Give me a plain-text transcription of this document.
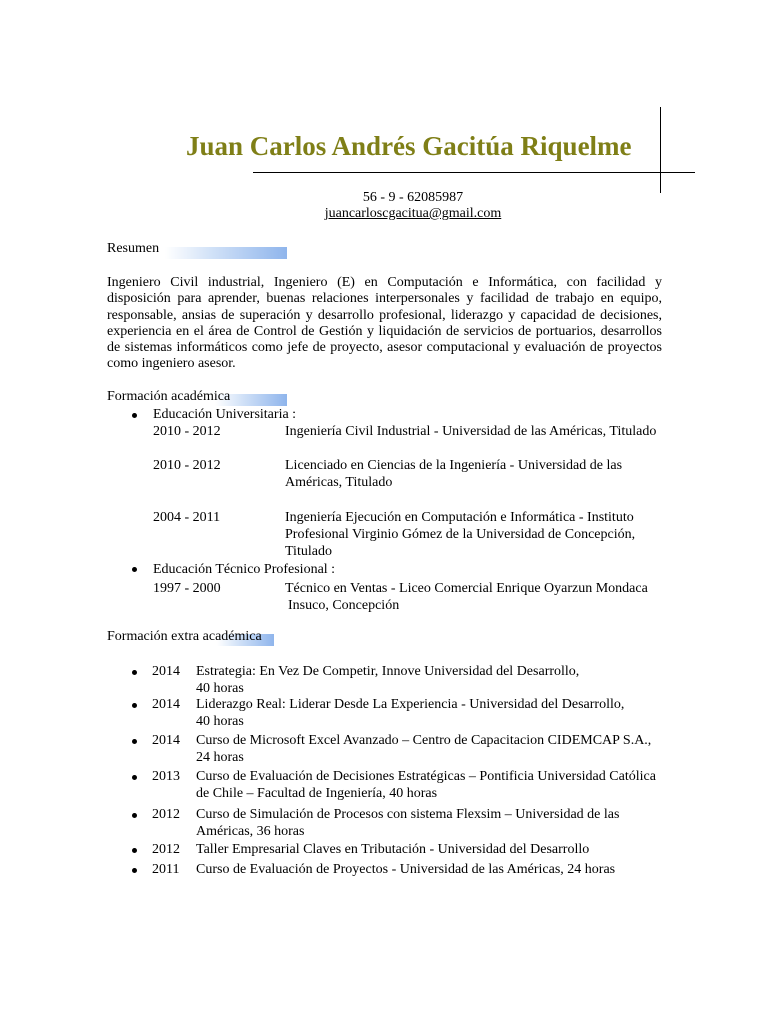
Juan Carlos Andrés Gacitúa Riquelme
56 - 9 - 62085987
juancarloscgacitua@gmail.com
Resumen
Ingeniero Civil industrial, Ingeniero (E) en Computación e Informática, con facilidad y disposición para aprender, buenas relaciones interpersonales y facilidad de trabajo en equipo, responsable, ansias de superación y desarrollo profesional, liderazgo y capacidad de decisiones, experiencia en el área de Control de Gestión y liquidación de servicios de portuarios, desarrollos de sistemas informáticos como jefe de proyecto, asesor computacional y evaluación de proyectos como ingeniero asesor.
Formación académica
Educación Universitaria :
2010 - 2012	Ingeniería Civil Industrial - Universidad de las Américas, Titulado
2010 - 2012	Licenciado en Ciencias de la Ingeniería - Universidad de las
Américas, Titulado
2004 - 2011	Ingeniería Ejecución en Computación e Informática - Instituto
Profesional Virginio Gómez de la Universidad de Concepción,
Titulado
Educación Técnico Profesional :
1997 - 2000	Técnico en Ventas - Liceo Comercial Enrique Oyarzun Mondaca
Insuco, Concepción
Formación extra académica
2014 Estrategia: En Vez De Competir, Innove Universidad del Desarrollo,
40 horas
2014 Liderazgo Real: Liderar Desde La Experiencia - Universidad del Desarrollo,
40 horas
2014 Curso de Microsoft Excel Avanzado – Centro de Capacitacion CIDEMCAP S.A.,
24 horas
2013 Curso de Evaluación de Decisiones Estratégicas – Pontificia Universidad Católica
de Chile – Facultad de Ingeniería, 40 horas
2012 Curso de Simulación de Procesos con sistema Flexsim – Universidad de las
Américas, 36 horas
2012 Taller Empresarial Claves en Tributación - Universidad del Desarrollo
2011 Curso de Evaluación de Proyectos - Universidad de las Américas, 24 horas
